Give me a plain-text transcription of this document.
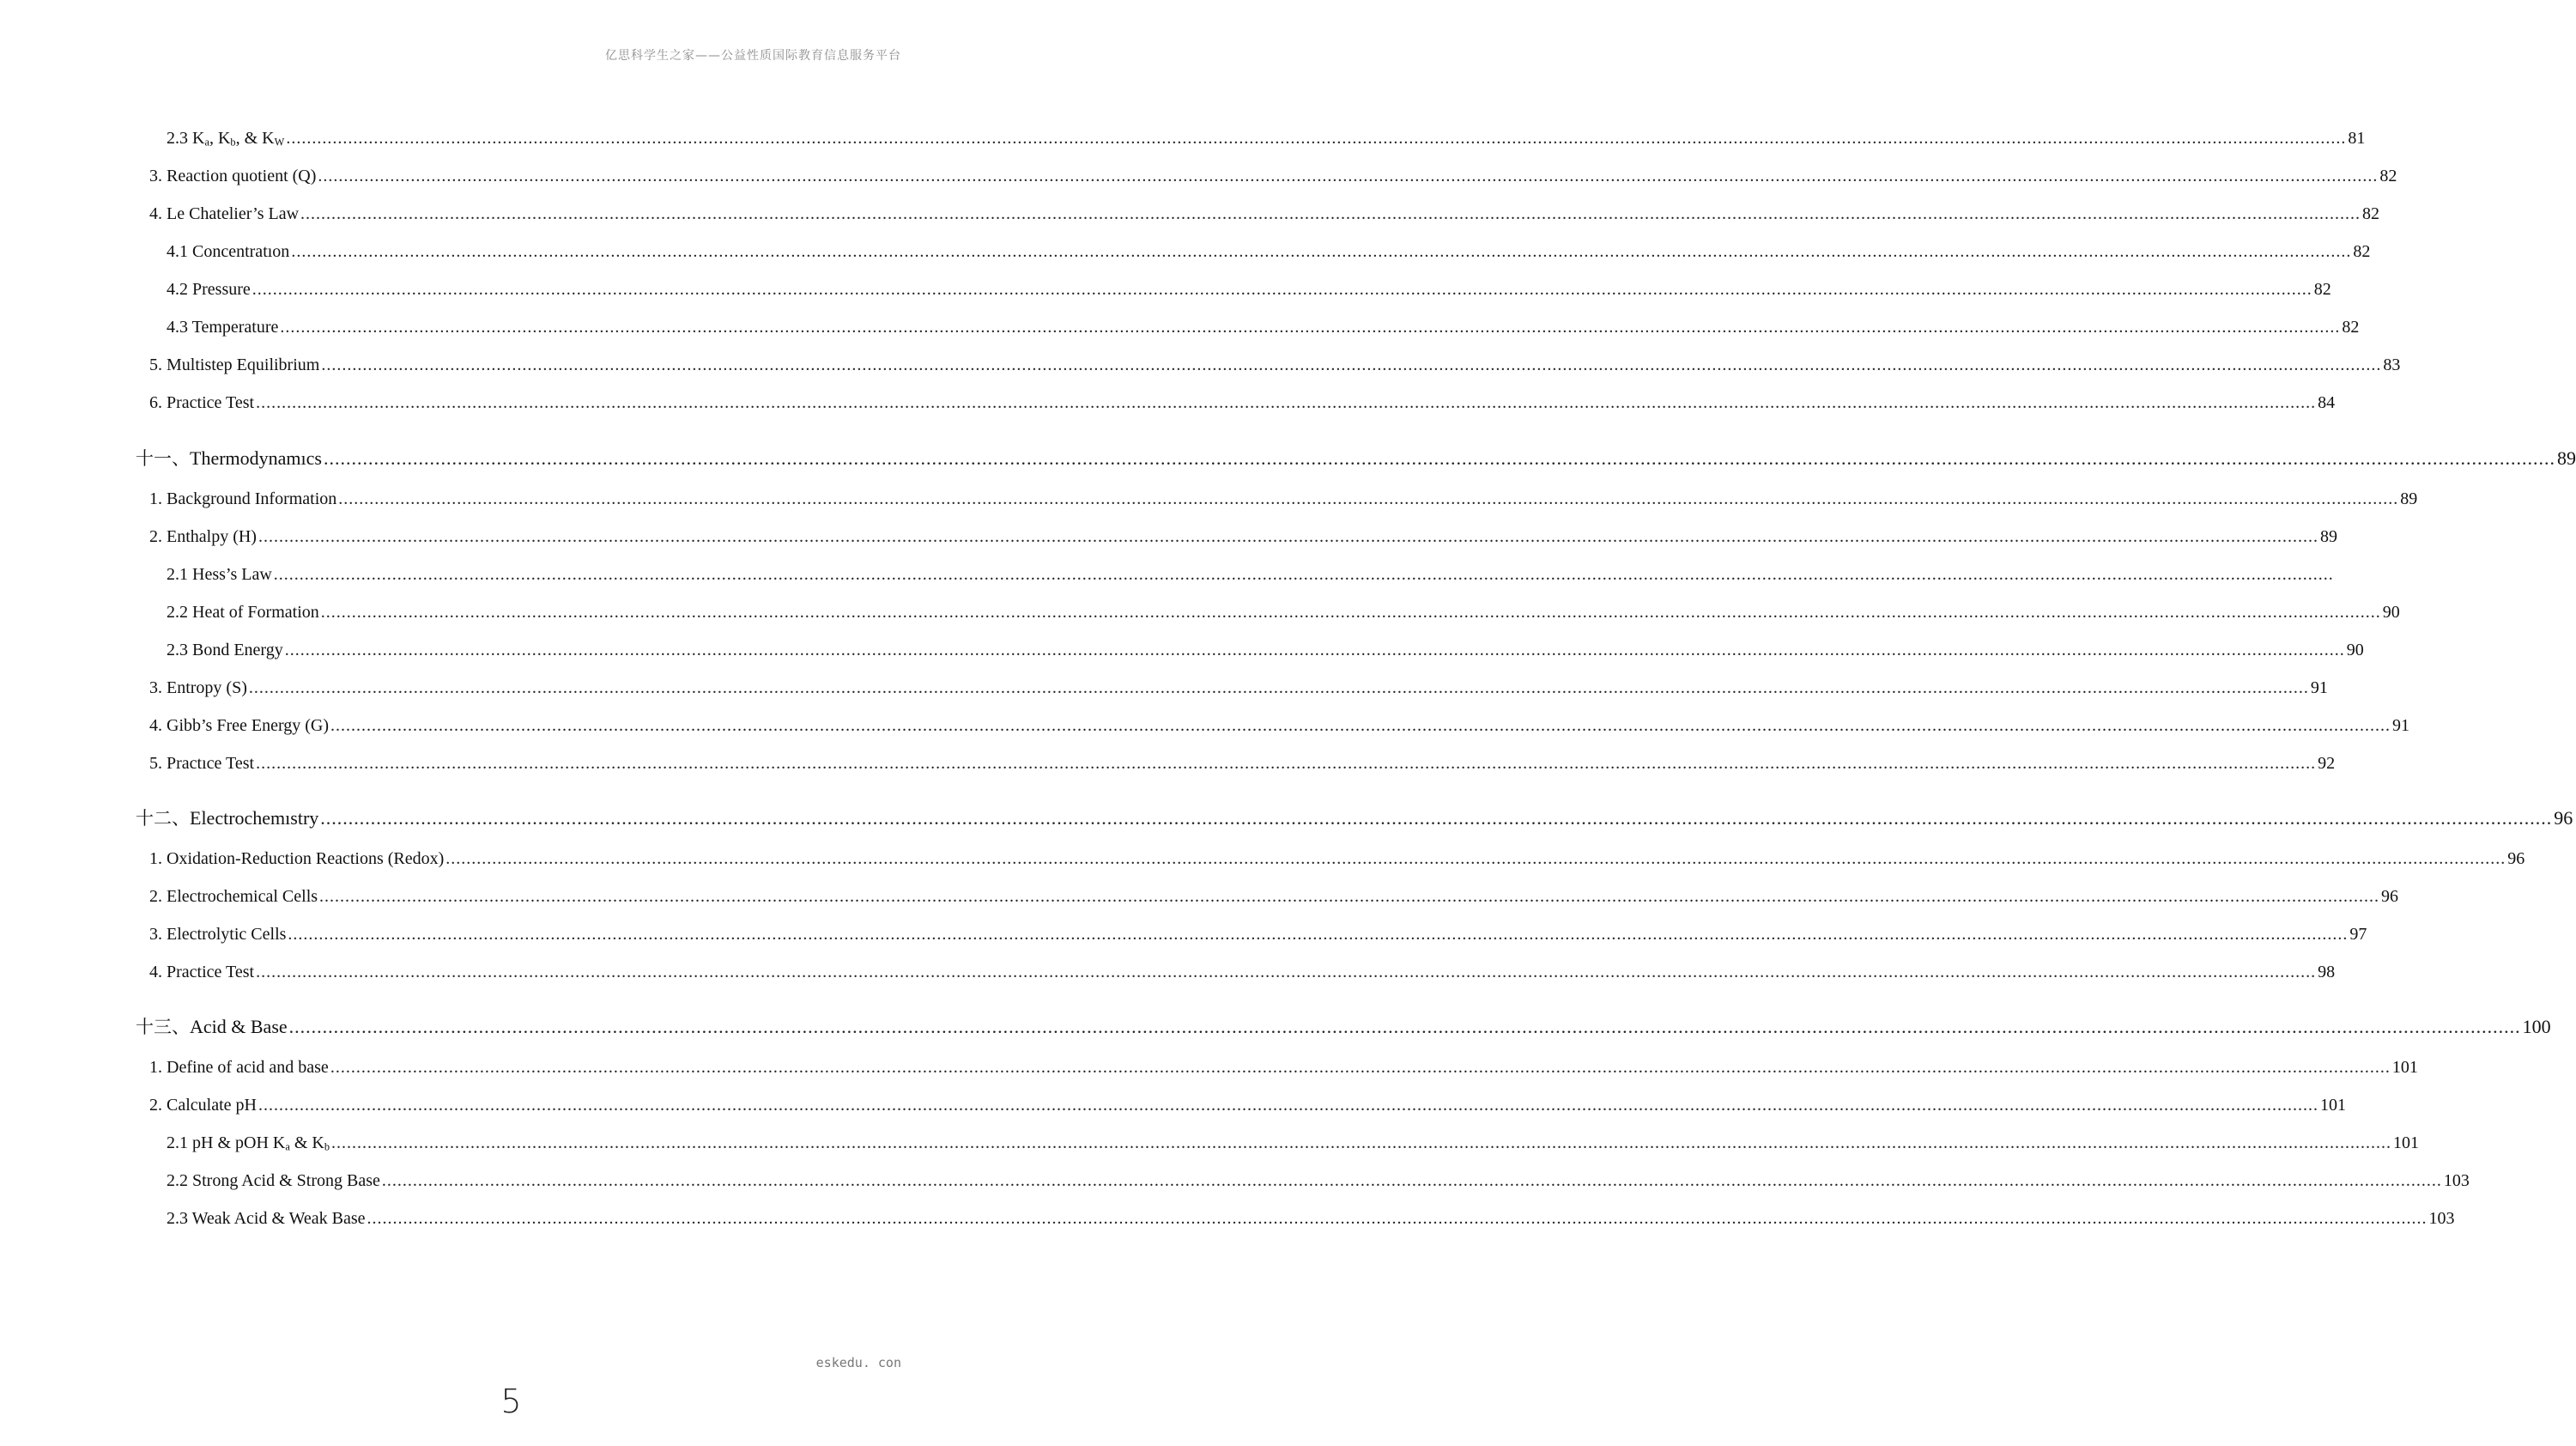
亿思科学生之家——公益性质国际教育信息服务平台
2.3 $K_a$, $K_b$, & $K_W$ ................................................................................................................................................................................................................................................................................................................................................................................................................ 81
3. Reaction quotient (Q) ................................................................................................................................................................................................................................................................................................................................................................................................................ 82
4. Le Chatelier’s Law ................................................................................................................................................................................................................................................................................................................................................................................................................ 82
4.1 Concentratıon ................................................................................................................................................................................................................................................................................................................................................................................................................ 82
4.2 Pressure ................................................................................................................................................................................................................................................................................................................................................................................................................ 82
4.3 Temperature ................................................................................................................................................................................................................................................................................................................................................................................................................ 82
5. Multistep Equilibrium ................................................................................................................................................................................................................................................................................................................................................................................................................ 83
6. Practice Test ................................................................................................................................................................................................................................................................................................................................................................................................................ 84
十一、Thermodynamıcs ................................................................................................................................................................................................................................................................................................................................................................................................................ 89
1. Background Information ................................................................................................................................................................................................................................................................................................................................................................................................................ 89
2. Enthalpy (H) ................................................................................................................................................................................................................................................................................................................................................................................................................ 89
2.1 Hess’s Law ................................................................................................................................................................................................................................................................................................................................................................................................................
2.2 Heat of Formation ................................................................................................................................................................................................................................................................................................................................................................................................................ 90
2.3 Bond Energy ................................................................................................................................................................................................................................................................................................................................................................................................................ 90
3. Entropy (S) ................................................................................................................................................................................................................................................................................................................................................................................................................ 91
4. Gibb’s Free Energy (G) ................................................................................................................................................................................................................................................................................................................................................................................................................ 91
5. Practıce Test ................................................................................................................................................................................................................................................................................................................................................................................................................ 92
十二、Electrochemıstry ................................................................................................................................................................................................................................................................................................................................................................................................................ 96
1. Oxidation-Reduction Reactions (Redox) ................................................................................................................................................................................................................................................................................................................................................................................................................ 96
2. Electrochemical Cells ................................................................................................................................................................................................................................................................................................................................................................................................................ 96
3. Electrolytic Cells ................................................................................................................................................................................................................................................................................................................................................................................................................ 97
4. Practice Test ................................................................................................................................................................................................................................................................................................................................................................................................................ 98
十三、Acid & Base ................................................................................................................................................................................................................................................................................................................................................................................................................ 100
1. Define of acid and base ................................................................................................................................................................................................................................................................................................................................................................................................................ 101
2. Calculate pH ................................................................................................................................................................................................................................................................................................................................................................................................................ 101
2.1 pH & pOH $K_a$ & $K_b$ ................................................................................................................................................................................................................................................................................................................................................................................................................ 101
2.2 Strong Acid & Strong Base ................................................................................................................................................................................................................................................................................................................................................................................................................ 103
2.3 Weak Acid & Weak Base ................................................................................................................................................................................................................................................................................................................................................................................................................ 103
eskedu. con
5
